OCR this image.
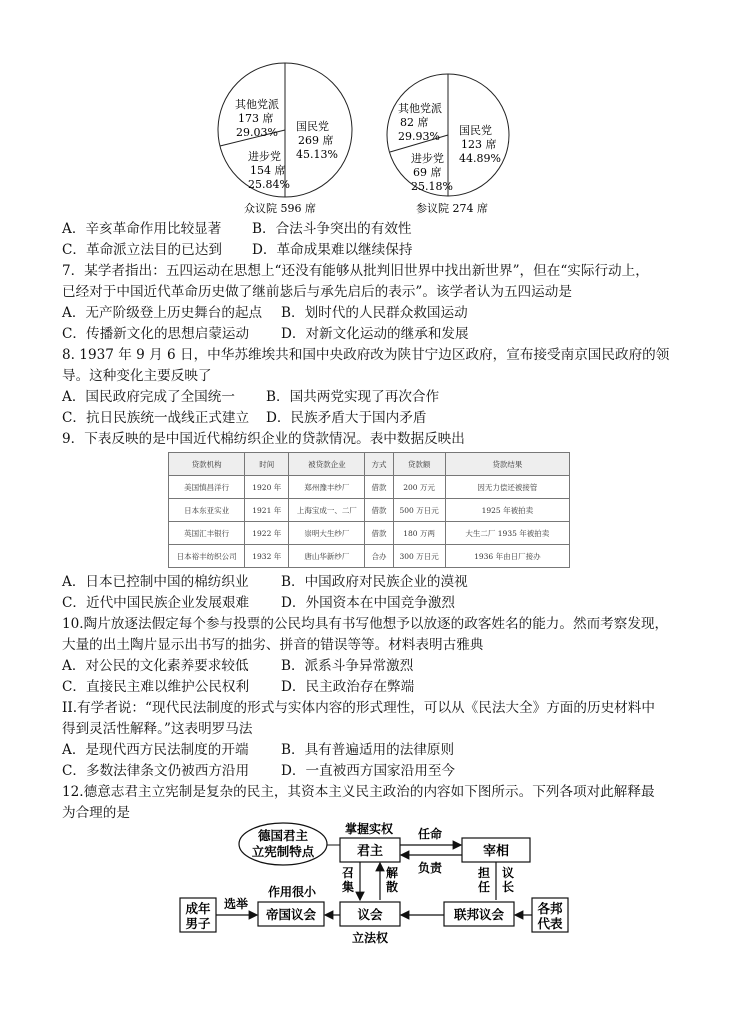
其他党派
173 席
29.03% 国民党
269 席
45.13%
进步党
154 席
25.84%
众议院 596 席
其他党派
82 席
29.93% 国民党
123 席
44.89%
进步党
69 席
25.18%
参议院 274 席
A．辛亥革命作用比较显著 B．合法斗争突出的有效性
C．革命派立法目的已达到 D．革命成果难以继续保持
7．某学者指出：五四运动在思想上“还没有能够从批判旧世界中找出新世界”，但在“实际行动上，
已经对于中国近代革命历史做了继前毖后与承先启后的表示”。该学者认为五四运动是
A．无产阶级登上历史舞台的起点 B．划时代的人民群众救国运动
C．传播新文化的思想启蒙运动 D．对新文化运动的继承和发展
8. 1937 年 9 月 6 日，中华苏维埃共和国中央政府改为陕甘宁边区政府，宣布接受南京国民政府的领
导。这种变化主要反映了
A．国民政府完成了全国统一 B．国共两党实现了再次合作
C．抗日民族统一战线正式建立 D．民族矛盾大于国内矛盾
9．下表反映的是中国近代棉纺织企业的贷款情况。表中数据反映出
贷款机构	时间	被贷款企业	方式	贷款额	贷款结果
美国慎昌洋行	1920 年	郑州豫丰纱厂	借款	200 万元	因无力偿还被接管
日本东亚实业	1921 年	上海宝成一、二厂	借款	500 万日元	1925 年被拍卖
英国汇丰银行	1922 年	崇明大生纱厂	借款	180 万两	大生二厂 1935 年被拍卖
日本裕丰纺织公司	1932 年	唐山华新纱厂	合办	300 万日元	1936 年由日厂接办
A．日本已控制中国的棉纺织业 B．中国政府对民族企业的漠视
C．近代中国民族企业发展艰难 D．外国资本在中国竞争激烈
10.陶片放逐法假定每个参与投票的公民均具有书写他想予以放逐的政客姓名的能力。然而考察发现，
大量的出土陶片显示出书写的拙劣、拼音的错误等等。材料表明古雅典
A．对公民的文化素养要求较低 B．派系斗争异常激烈
C．直接民主难以维护公民权利 D．民主政治存在弊端
II.有学者说：“现代民法制度的形式与实体内容的形式理性，可以从《民法大全》方面的历史材料中
得到灵活性解释。”这表明罗马法
A．是现代西方民法制度的开端 B．具有普遍适用的法律原则
C．多数法律条文仍被西方沿用 D．一直被西方国家沿用至今
12.德意志君主立宪制是复杂的民主，其资本主义民主政治的内容如下图所示。下列各项对此解释最
为合理的是
德国君主
立宪制特点	君主
掌握实权
宰相
任命
负责
召
集
解
散
担
任
议
长
成年
男子
选举
帝国议会
作用很小
议会
立法权
联邦议会	各邦
代表
